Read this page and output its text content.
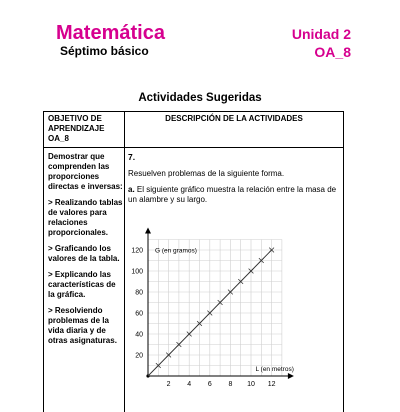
Matemática
Séptimo básico
Unidad 2
OA_8
Actividades Sugeridas
OBJETIVO DE APRENDIZAJE OA_8
DESCRIPCIÓN DE LA ACTIVIDADES

Demostrar que comprenden las proporciones directas e inversas:

> Realizando tablas de valores para relaciones proporcionales.

> Graficando los valores de la tabla.

> Explicando las características de la gráfica.

> Resolviendo problemas de la vida diaria y de otras asignaturas.

7.
Resuelven problemas de la siguiente forma.
a. El siguiente gráfico muestra la relación entre la masa de un alambre y su largo.
2 4 6 8 10 12
20
40
60
80
100
120 G (en gramos)
L (en metros)
